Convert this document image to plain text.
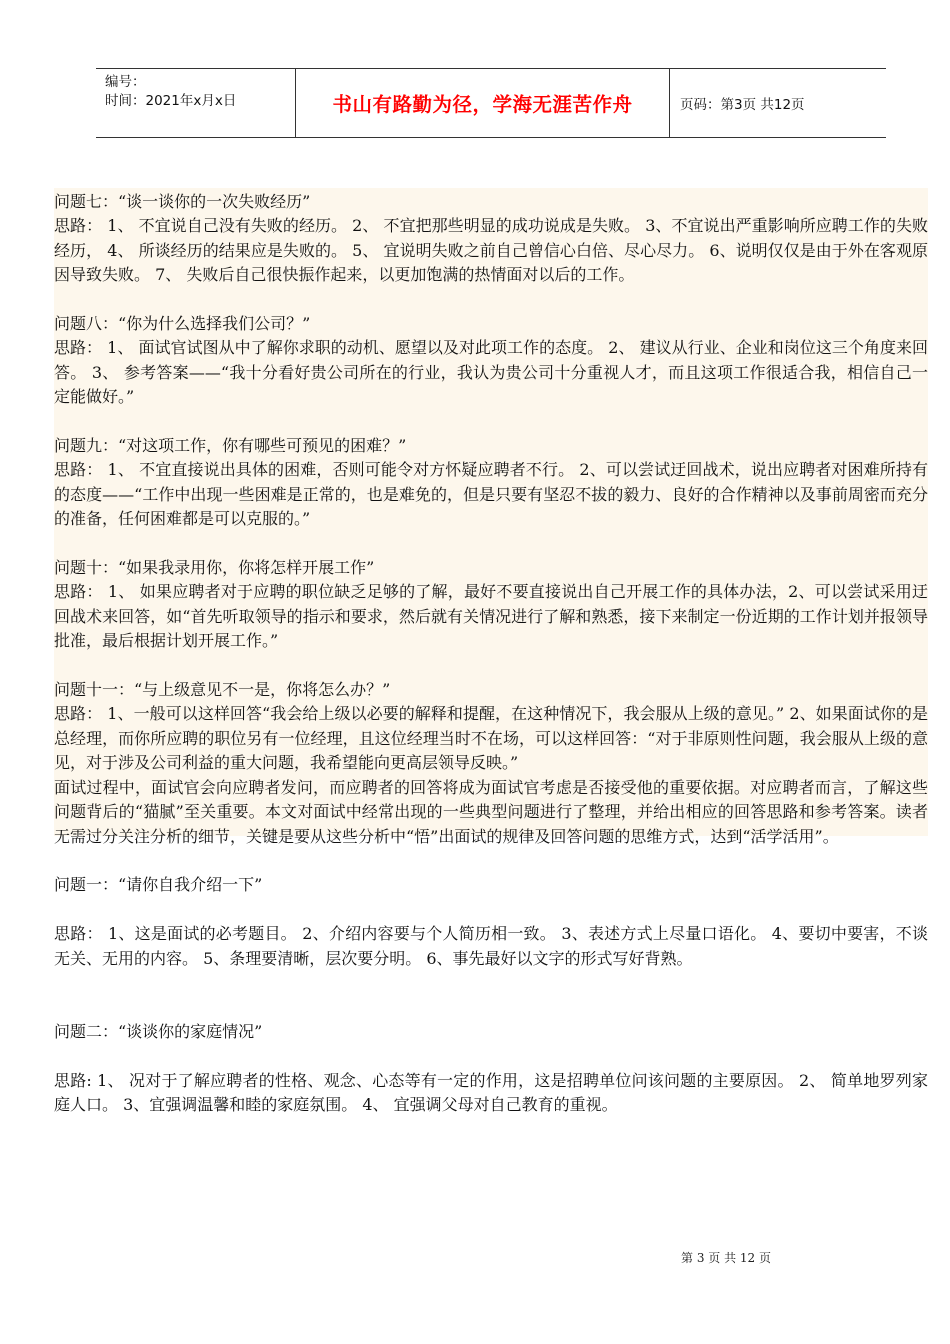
编号：
时间：2021年x月x日	书山有路勤为径，学海无涯苦作舟	页码：第3页 共12页

问题七：“谈一谈你的一次失败经历”

思路： 1、 不宜说自己没有失败的经历。 2、 不宜把那些明显的成功说成是失败。 3、不宜说出严重影响所应聘工作的失败经历， 4、 所谈经历的结果应是失败的。 5、 宜说明失败之前自己曾信心白倍、尽心尽力。 6、说明仅仅是由于外在客观原因导致失败。 7、 失败后自己很快振作起来，以更加饱满的热情面对以后的工作。

问题八：“你为什么选择我们公司？”

思路： 1、 面试官试图从中了解你求职的动机、愿望以及对此项工作的态度。 2、 建议从行业、企业和岗位这三个角度来回答。 3、 参考答案——“我十分看好贵公司所在的行业，我认为贵公司十分重视人才，而且这项工作很适合我，相信自己一定能做好。”

问题九：“对这项工作，你有哪些可预见的困难？”

思路： 1、 不宜直接说出具体的困难，否则可能令对方怀疑应聘者不行。 2、可以尝试迂回战术，说出应聘者对困难所持有的态度——“工作中出现一些困难是正常的，也是难免的，但是只要有坚忍不拔的毅力、良好的合作精神以及事前周密而充分的准备，任何困难都是可以克服的。”

问题十：“如果我录用你，你将怎样开展工作”

思路： 1、 如果应聘者对于应聘的职位缺乏足够的了解，最好不要直接说出自己开展工作的具体办法，2、可以尝试采用迂回战术来回答，如“首先听取领导的指示和要求，然后就有关情况进行了解和熟悉，接下来制定一份近期的工作计划并报领导批准，最后根据计划开展工作。”

问题十一：“与上级意见不一是，你将怎么办？”

思路： 1、一般可以这样回答“我会给上级以必要的解释和提醒，在这种情况下，我会服从上级的意见。” 2、如果面试你的是总经理，而你所应聘的职位另有一位经理，且这位经理当时不在场，可以这样回答：“对于非原则性问题，我会服从上级的意见，对于涉及公司利益的重大问题，我希望能向更高层领导反映。”

面试过程中，面试官会向应聘者发问，而应聘者的回答将成为面试官考虑是否接受他的重要依据。对应聘者而言，了解这些问题背后的“猫腻”至关重要。本文对面试中经常出现的一些典型问题进行了整理，并给出相应的回答思路和参考答案。读者无需过分关注分析的细节，关键是要从这些分析中“悟”出面试的规律及回答问题的思维方式，达到“活学活用”。

问题一：“请你自我介绍一下”

思路： 1、这是面试的必考题目。 2、介绍内容要与个人简历相一致。 3、表述方式上尽量口语化。 4、要切中要害，不谈无关、无用的内容。 5、条理要清晰，层次要分明。 6、事先最好以文字的形式写好背熟。

问题二：“谈谈你的家庭情况”

思路: 1、 况对于了解应聘者的性格、观念、心态等有一定的作用，这是招聘单位问该问题的主要原因。 2、 简单地罗列家庭人口。 3、宜强调温馨和睦的家庭氛围。 4、 宜强调父母对自己教育的重视。

第 3 页 共 12 页
